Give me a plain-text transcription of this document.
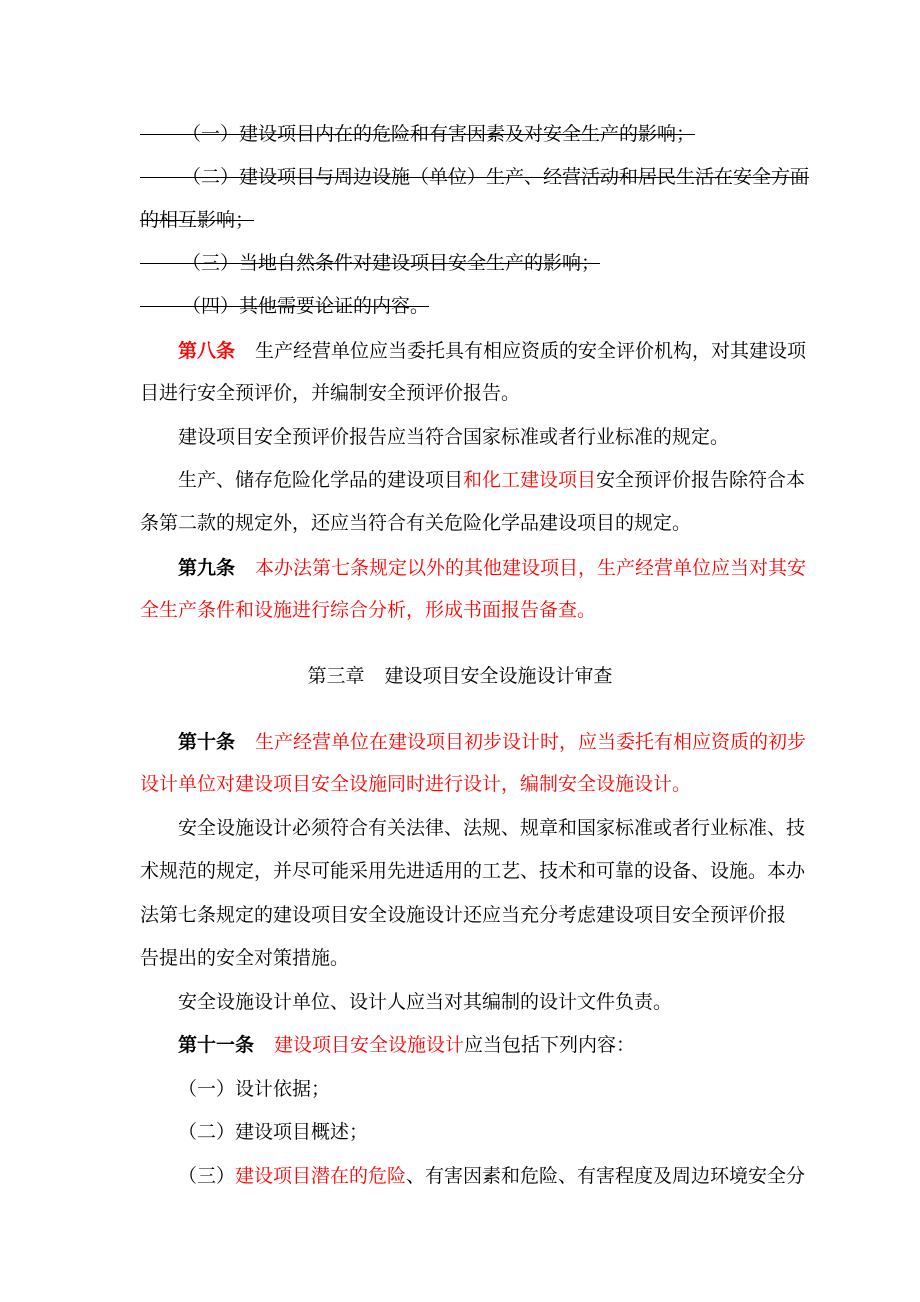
（一）建设项目内在的危险和有害因素及对安全生产的影响；
（二）建设项目与周边设施（单位）生产、经营活动和居民生活在安全方面
的相互影响；
（三）当地自然条件对建设项目安全生产的影响；
（四）其他需要论证的内容。
第八条 生产经营单位应当委托具有相应资质的安全评价机构，对其建设项
目进行安全预评价，并编制安全预评价报告。
建设项目安全预评价报告应当符合国家标准或者行业标准的规定。
生产、储存危险化学品的建设项目和化工建设项目安全预评价报告除符合本
条第二款的规定外，还应当符合有关危险化学品建设项目的规定。
第九条 本办法第七条规定以外的其他建设项目，生产经营单位应当对其安
全生产条件和设施进行综合分析，形成书面报告备查。
第三章 建设项目安全设施设计审查
第十条 生产经营单位在建设项目初步设计时，应当委托有相应资质的初步
设计单位对建设项目安全设施同时进行设计，编制安全设施设计。
安全设施设计必须符合有关法律、法规、规章和国家标准或者行业标准、技
术规范的规定，并尽可能采用先进适用的工艺、技术和可靠的设备、设施。本办
法第七条规定的建设项目安全设施设计还应当充分考虑建设项目安全预评价报
告提出的安全对策措施。
安全设施设计单位、设计人应当对其编制的设计文件负责。
第十一条 建设项目安全设施设计应当包括下列内容：
（一）设计依据；
（二）建设项目概述；
（三）建设项目潜在的危险、有害因素和危险、有害程度及周边环境安全分
